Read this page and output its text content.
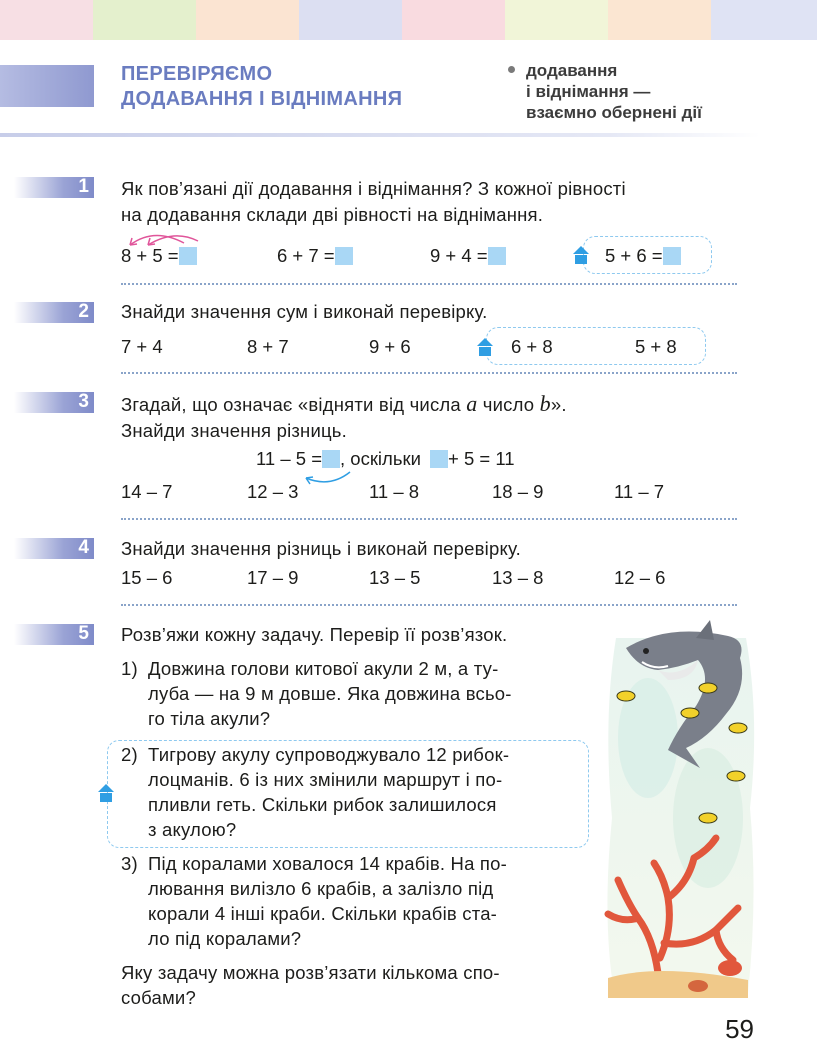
ПЕРЕВІРЯЄМО
ДОДАВАННЯ І ВІДНІМАННЯ
додавання
і віднімання —
взаємно обернені дії
1 Як пов’язані дії додавання і віднімання? З кожної рівності
на додавання склади дві рівності на віднімання.
8 + 5 =	6 + 7 =	9 + 4 =	5 + 6 =
2 Знайди значення сум і виконай перевірку.
7 + 4	8 + 7	9 + 6	6 + 8	5 + 8
3 Згадай, що означає «відняти від числа a число b».
Знайди значення різниць.
11 – 5 = , оскільки + 5 = 11
14 – 7	12 – 3	11 – 8	18 – 9	11 – 7
4 Знайди значення різниць і виконай перевірку.
15 – 6	17 – 9	13 – 5	13 – 8	12 – 6
5 Розв’яжи кожну задачу. Перевір її розв’язок.
1) Довжина голови китової акули 2 м, а ту-
луба — на 9 м довше. Яка довжина всьо-
го тіла акули?
2) Тигрову акулу супроводжувало 12 рибок-
лоцманів. 6 із них змінили маршрут і по-
пливли геть. Скільки рибок залишилося
з акулою?
3) Під коралами ховалося 14 крабів. На по-
лювання вилізло 6 крабів, а залізло під
корали 4 інші краби. Скільки крабів ста-
ло під коралами?
Яку задачу можна розв’язати кількома спо-
собами?
59
